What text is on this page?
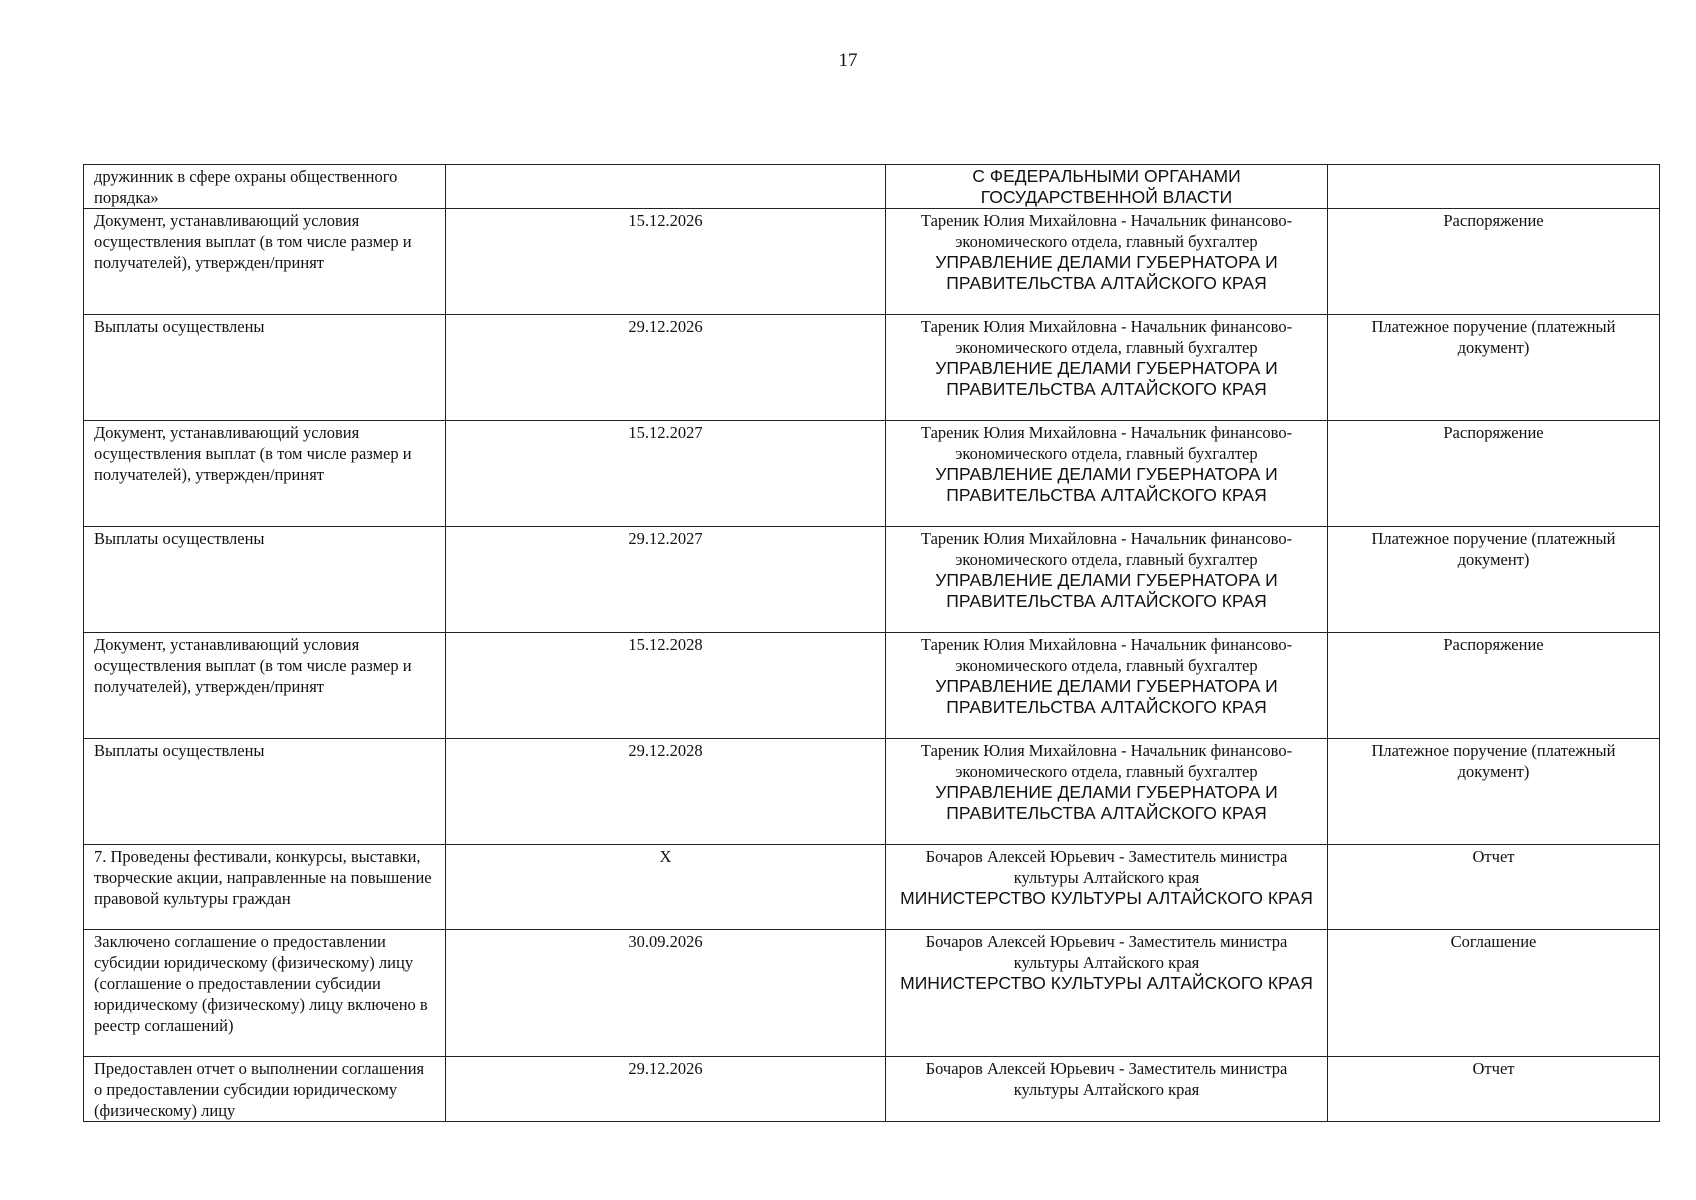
17
дружинник в сфере охраны общественного порядка»		С ФЕДЕРАЛЬНЫМИ ОРГАНАМИ ГОСУДАРСТВЕННОЙ ВЛАСТИ	

Документ, устанавливающий условия осуществления выплат (в том числе размер и получателей), утвержден/принят	15.12.2026	Тареник Юлия Михайловна - Начальник финансово-экономического отдела, главный бухгалтер
УПРАВЛЕНИЕ ДЕЛАМИ ГУБЕРНАТОРА И ПРАВИТЕЛЬСТВА АЛТАЙСКОГО КРАЯ	Распоряжение
Выплаты осуществлены	29.12.2026	Тареник Юлия Михайловна - Начальник финансово-экономического отдела, главный бухгалтер
УПРАВЛЕНИЕ ДЕЛАМИ ГУБЕРНАТОРА И ПРАВИТЕЛЬСТВА АЛТАЙСКОГО КРАЯ	Платежное поручение (платежный документ)
Документ, устанавливающий условия осуществления выплат (в том числе размер и получателей), утвержден/принят	15.12.2027	Тареник Юлия Михайловна - Начальник финансово-экономического отдела, главный бухгалтер
УПРАВЛЕНИЕ ДЕЛАМИ ГУБЕРНАТОРА И ПРАВИТЕЛЬСТВА АЛТАЙСКОГО КРАЯ	Распоряжение
Выплаты осуществлены	29.12.2027	Тареник Юлия Михайловна - Начальник финансово-экономического отдела, главный бухгалтер
УПРАВЛЕНИЕ ДЕЛАМИ ГУБЕРНАТОРА И ПРАВИТЕЛЬСТВА АЛТАЙСКОГО КРАЯ	Платежное поручение (платежный документ)
Документ, устанавливающий условия осуществления выплат (в том числе размер и получателей), утвержден/принят	15.12.2028	Тареник Юлия Михайловна - Начальник финансово-экономического отдела, главный бухгалтер
УПРАВЛЕНИЕ ДЕЛАМИ ГУБЕРНАТОРА И ПРАВИТЕЛЬСТВА АЛТАЙСКОГО КРАЯ	Распоряжение
Выплаты осуществлены	29.12.2028	Тареник Юлия Михайловна - Начальник финансово-экономического отдела, главный бухгалтер
УПРАВЛЕНИЕ ДЕЛАМИ ГУБЕРНАТОРА И ПРАВИТЕЛЬСТВА АЛТАЙСКОГО КРАЯ	Платежное поручение (платежный документ)
7. Проведены фестивали, конкурсы, выставки, творческие акции, направленные на повышение правовой культуры граждан	X	Бочаров Алексей Юрьевич - Заместитель министра культуры Алтайского края
МИНИСТЕРСТВО КУЛЬТУРЫ АЛТАЙСКОГО КРАЯ	Отчет
Заключено соглашение о предоставлении субсидии юридическому (физическому) лицу (соглашение о предоставлении субсидии юридическому (физическому) лицу включено в реестр соглашений)	30.09.2026	Бочаров Алексей Юрьевич - Заместитель министра культуры Алтайского края
МИНИСТЕРСТВО КУЛЬТУРЫ АЛТАЙСКОГО КРАЯ	Соглашение
Предоставлен отчет о выполнении соглашения о предоставлении субсидии юридическому (физическому) лицу	29.12.2026	Бочаров Алексей Юрьевич - Заместитель министра культуры Алтайского края	Отчет
